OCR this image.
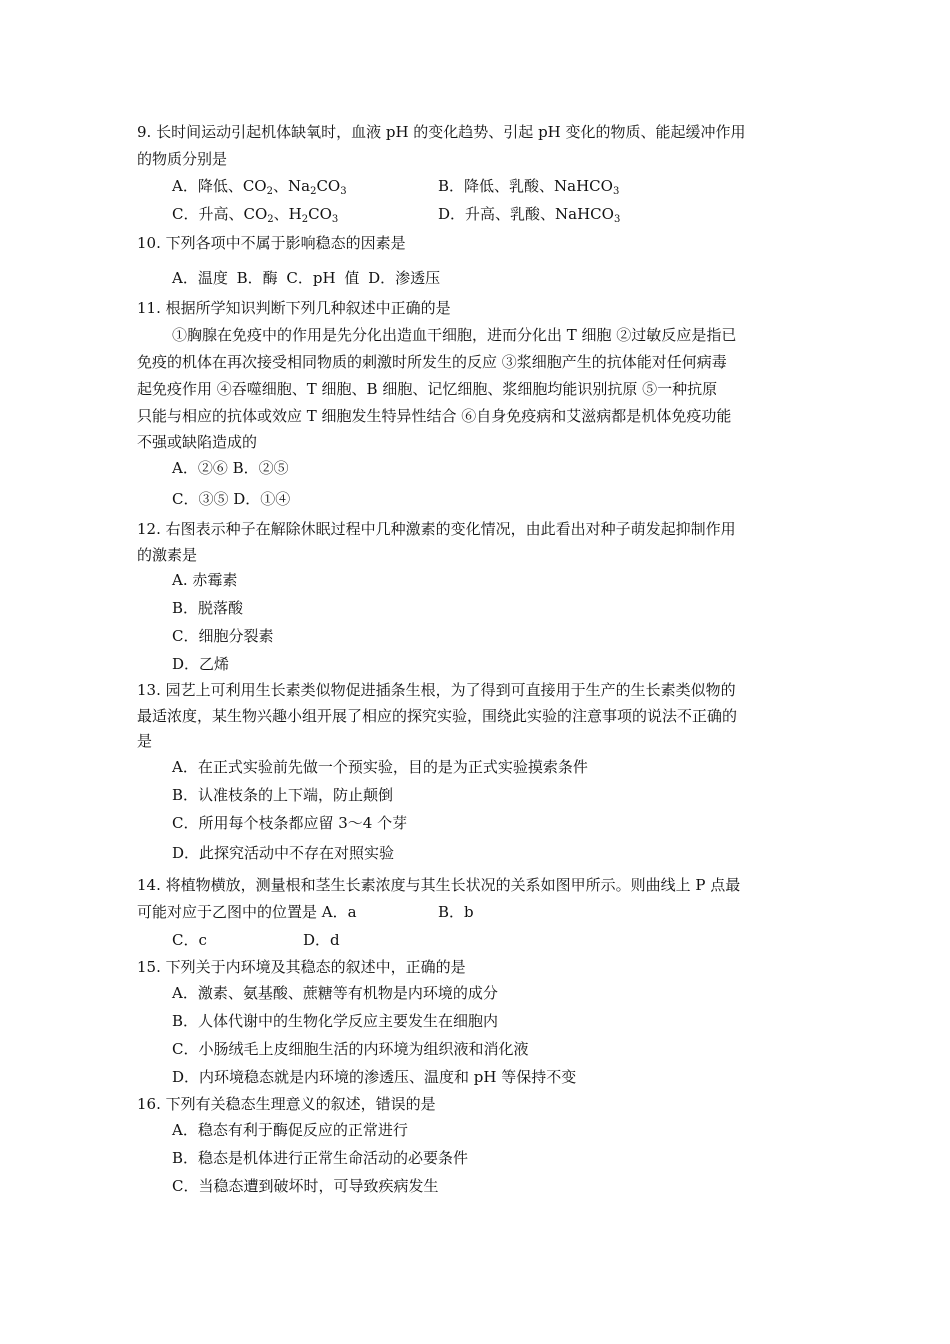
9. 长时间运动引起机体缺氧时，血液 pH 的变化趋势、引起 pH 变化的物质、能起缓冲作用
的物质分别是
A．降低、$CO_2$、$Na_2CO_3$	B．降低、乳酸、NaHCO$_3$
C．升高、$CO_2$、$H_2CO_3$	D．升高、乳酸、NaHCO$_3$
10. 下列各项中不属于影响稳态的因素是
A．温度 B．酶 C．pH 值 D．渗透压
11. 根据所学知识判断下列几种叙述中正确的是
①胸腺在免疫中的作用是先分化出造血干细胞，进而分化出 T 细胞 ②过敏反应是指已
免疫的机体在再次接受相同物质的刺激时所发生的反应 ③浆细胞产生的抗体能对任何病毒
起免疫作用 ④吞噬细胞、T 细胞、B 细胞、记忆细胞、浆细胞均能识别抗原 ⑤一种抗原
只能与相应的抗体或效应 T 细胞发生特异性结合 ⑥自身免疫病和艾滋病都是机体免疫功能
不强或缺陷造成的
A．②⑥ B．②⑤
C．③⑤ D．①④
12. 右图表示种子在解除休眠过程中几种激素的变化情况，由此看出对种子萌发起抑制作用
的激素是
A. 赤霉素
B．脱落酸
C．细胞分裂素
D．乙烯
13. 园艺上可利用生长素类似物促进插条生根，为了得到可直接用于生产的生长素类似物的
最适浓度，某生物兴趣小组开展了相应的探究实验，围绕此实验的注意事项的说法不正确的
是
A．在正式实验前先做一个预实验，目的是为正式实验摸索条件
B．认准枝条的上下端，防止颠倒
C．所用每个枝条都应留 3～4 个芽
D．此探究活动中不存在对照实验
14. 将植物横放，测量根和茎生长素浓度与其生长状况的关系如图甲所示。则曲线上 P 点最
可能对应于乙图中的位置是 A．a	B．b
C．c	D．d
15. 下列关于内环境及其稳态的叙述中，正确的是
A．激素、氨基酸、蔗糖等有机物是内环境的成分
B．人体代谢中的生物化学反应主要发生在细胞内
C．小肠绒毛上皮细胞生活的内环境为组织液和消化液
D．内环境稳态就是内环境的渗透压、温度和 pH 等保持不变
16. 下列有关稳态生理意义的叙述，错误的是
A．稳态有利于酶促反应的正常进行
B．稳态是机体进行正常生命活动的必要条件
C．当稳态遭到破坏时，可导致疾病发生
